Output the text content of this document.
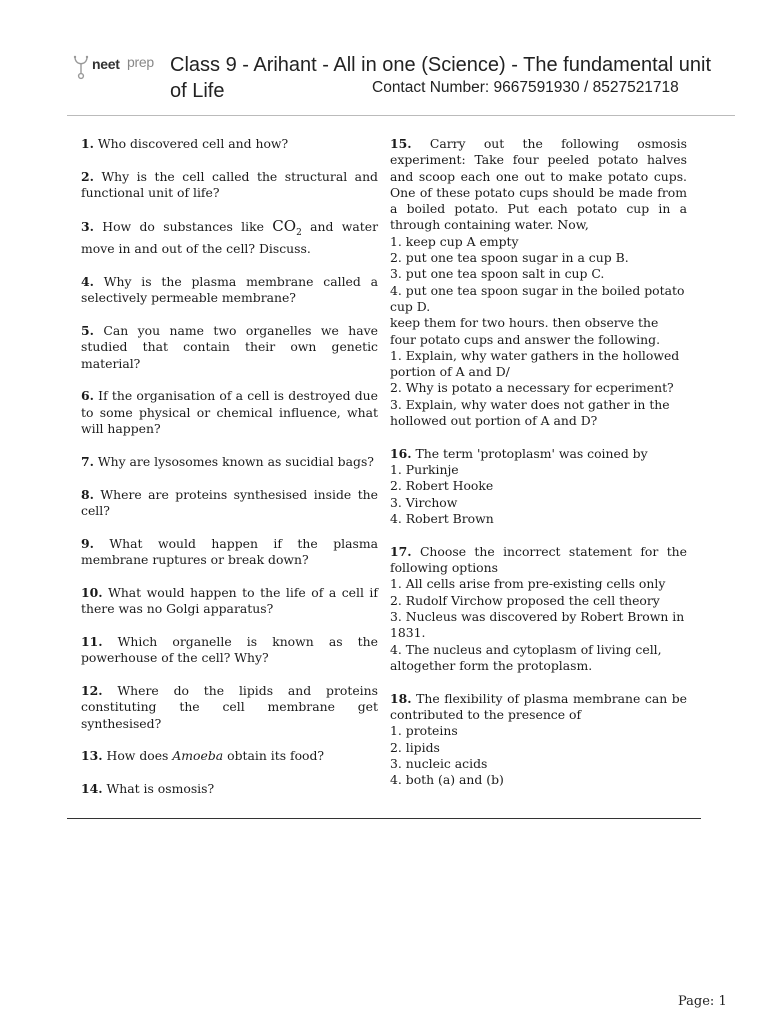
neet prep Class 9 - Arihant - All in one (Science) - The fundamental unit of Life	Contact Number: 9667591930 / 8527521718
1. Who discovered cell and how?
2. Why is the cell called the structural and functional unit of life?
3. How do substances like $CO_2$ and water move in and out of the cell? Discuss.
4. Why is the plasma membrane called a selectively permeable membrane?
5. Can you name two organelles we have studied that contain their own genetic material?
6. If the organisation of a cell is destroyed due to some physical or chemical influence, what will happen?
7. Why are lysosomes known as sucidial bags?
8. Where are proteins synthesised inside the cell?
9. What would happen if the plasma membrane ruptures or break down?
10. What would happen to the life of a cell if there was no Golgi apparatus?
11. Which organelle is known as the powerhouse of the cell? Why?
12. Where do the lipids and proteins constituting the cell membrane get synthesised?
13. How does Amoeba obtain its food?
14. What is osmosis?
15. Carry out the following osmosis experiment: Take four peeled potato halves and scoop each one out to make potato cups. One of these potato cups should be made from a boiled potato. Put each potato cup in a through containing water. Now,
1. keep cup A empty
2. put one tea spoon sugar in a cup B.
3. put one tea spoon salt in cup C.
4. put one tea spoon sugar in the boiled potato cup D.
keep them for two hours. then observe the four potato cups and answer the following.
1. Explain, why water gathers in the hollowed portion of A and D/
2. Why is potato a necessary for ecperiment?
3. Explain, why water does not gather in the hollowed out portion of A and D?
16. The term 'protoplasm' was coined by
1. Purkinje
2. Robert Hooke
3. Virchow
4. Robert Brown
17. Choose the incorrect statement for the following options
1. All cells arise from pre-existing cells only
2. Rudolf Virchow proposed the cell theory
3. Nucleus was discovered by Robert Brown in 1831.
4. The nucleus and cytoplasm of living cell, altogether form the protoplasm.
18. The flexibility of plasma membrane can be contributed to the presence of
1. proteins
2. lipids
3. nucleic acids
4. both (a) and (b)
Page: 1
